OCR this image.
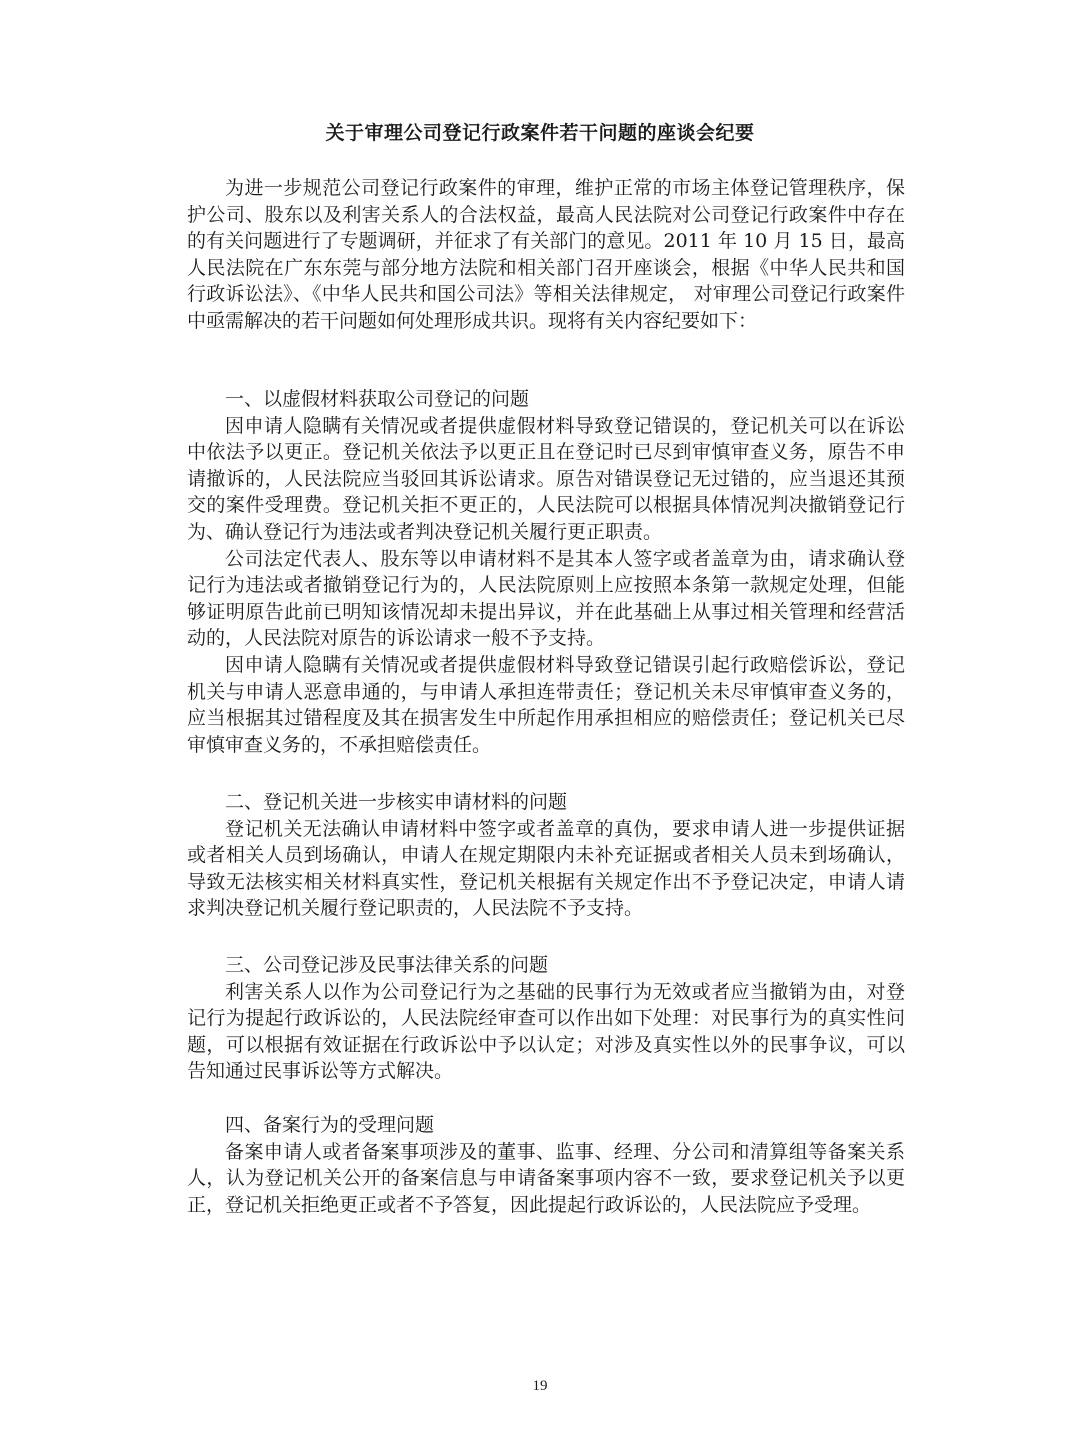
关于审理公司登记行政案件若干问题的座谈会纪要

为进一步规范公司登记行政案件的审理，维护正常的市场主体登记管理秩序，保护公司、股东以及利害关系人的合法权益，最高人民法院对公司登记行政案件中存在的有关问题进行了专题调研，并征求了有关部门的意见。2011 年 10 月 15 日，最高人民法院在广东东莞与部分地方法院和相关部门召开座谈会，根据《中华人民共和国行政诉讼法》、《中华人民共和国公司法》等相关法律规定， 对审理公司登记行政案件中亟需解决的若干问题如何处理形成共识。现将有关内容纪要如下：

一、以虚假材料获取公司登记的问题

因申请人隐瞒有关情况或者提供虚假材料导致登记错误的，登记机关可以在诉讼中依法予以更正。登记机关依法予以更正且在登记时已尽到审慎审查义务，原告不申请撤诉的，人民法院应当驳回其诉讼请求。原告对错误登记无过错的，应当退还其预交的案件受理费。登记机关拒不更正的，人民法院可以根据具体情况判决撤销登记行为、确认登记行为违法或者判决登记机关履行更正职责。

公司法定代表人、股东等以申请材料不是其本人签字或者盖章为由，请求确认登记行为违法或者撤销登记行为的，人民法院原则上应按照本条第一款规定处理，但能够证明原告此前已明知该情况却未提出异议，并在此基础上从事过相关管理和经营活动的，人民法院对原告的诉讼请求一般不予支持。

因申请人隐瞒有关情况或者提供虚假材料导致登记错误引起行政赔偿诉讼，登记机关与申请人恶意串通的，与申请人承担连带责任；登记机关未尽审慎审查义务的，应当根据其过错程度及其在损害发生中所起作用承担相应的赔偿责任；登记机关已尽审慎审查义务的，不承担赔偿责任。

二、登记机关进一步核实申请材料的问题

登记机关无法确认申请材料中签字或者盖章的真伪，要求申请人进一步提供证据或者相关人员到场确认，申请人在规定期限内未补充证据或者相关人员未到场确认，导致无法核实相关材料真实性，登记机关根据有关规定作出不予登记决定，申请人请求判决登记机关履行登记职责的，人民法院不予支持。

三、公司登记涉及民事法律关系的问题

利害关系人以作为公司登记行为之基础的民事行为无效或者应当撤销为由，对登记行为提起行政诉讼的，人民法院经审查可以作出如下处理：对民事行为的真实性问题，可以根据有效证据在行政诉讼中予以认定；对涉及真实性以外的民事争议，可以告知通过民事诉讼等方式解决。

四、备案行为的受理问题

备案申请人或者备案事项涉及的董事、监事、经理、分公司和清算组等备案关系人，认为登记机关公开的备案信息与申请备案事项内容不一致，要求登记机关予以更正，登记机关拒绝更正或者不予答复，因此提起行政诉讼的，人民法院应予受理。

19
